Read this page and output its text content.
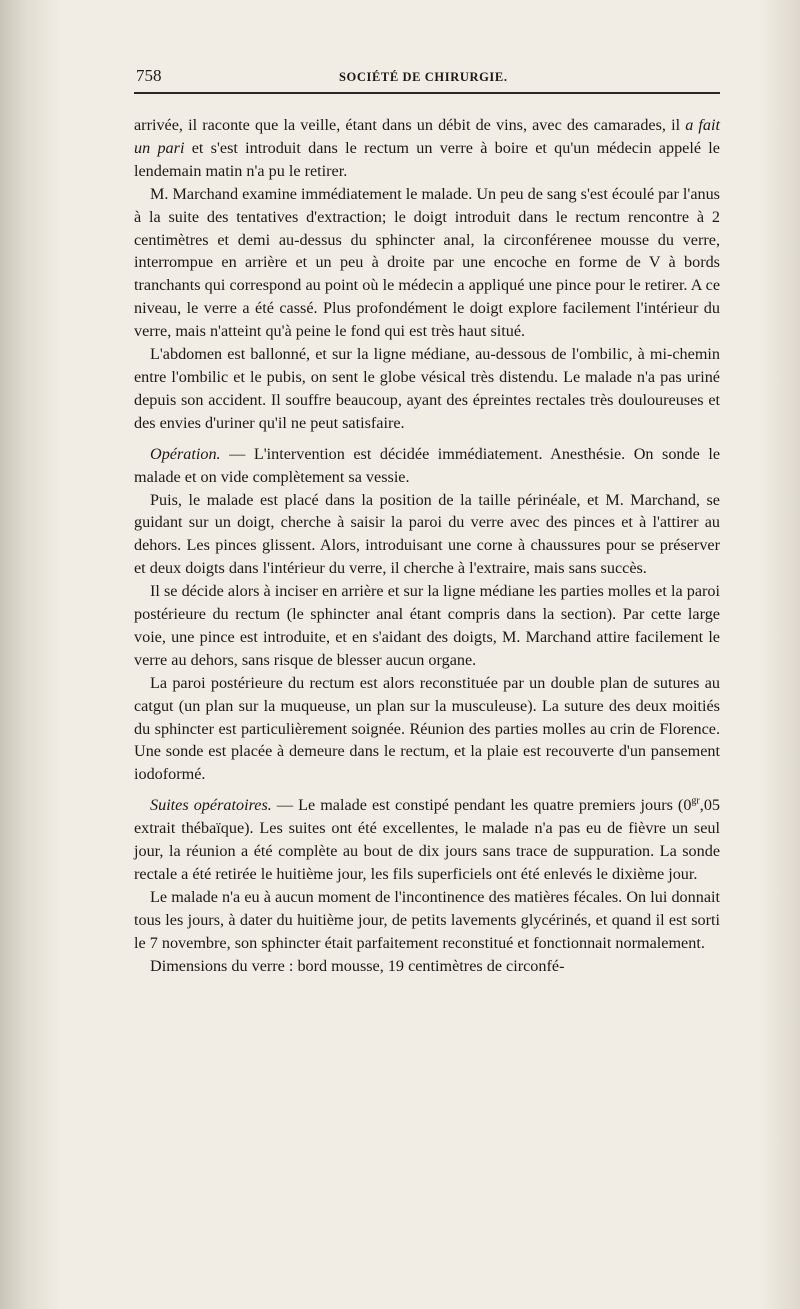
758	SOCIÉTÉ DE CHIRURGIE.

arrivée, il raconte que la veille, étant dans un débit de vins, avec des camarades, il a fait un pari et s'est introduit dans le rectum un verre à boire et qu'un médecin appelé le lendemain matin n'a pu le retirer.

M. Marchand examine immédiatement le malade. Un peu de sang s'est écoulé par l'anus à la suite des tentatives d'extraction; le doigt introduit dans le rectum rencontre à 2 centimètres et demi au-dessus du sphincter anal, la circonférenee mousse du verre, interrompue en arrière et un peu à droite par une encoche en forme de V à bords tranchants qui correspond au point où le médecin a appliqué une pince pour le retirer. A ce niveau, le verre a été cassé. Plus profondément le doigt explore facilement l'intérieur du verre, mais n'atteint qu'à peine le fond qui est très haut situé.

L'abdomen est ballonné, et sur la ligne médiane, au-dessous de l'ombilic, à mi-chemin entre l'ombilic et le pubis, on sent le globe vésical très distendu. Le malade n'a pas uriné depuis son accident. Il souffre beaucoup, ayant des épreintes rectales très douloureuses et des envies d'uriner qu'il ne peut satisfaire.

Opération. — L'intervention est décidée immédiatement. Anesthésie. On sonde le malade et on vide complètement sa vessie.

Puis, le malade est placé dans la position de la taille périnéale, et M. Marchand, se guidant sur un doigt, cherche à saisir la paroi du verre avec des pinces et à l'attirer au dehors. Les pinces glissent. Alors, introduisant une corne à chaussures pour se préserver et deux doigts dans l'intérieur du verre, il cherche à l'extraire, mais sans succès.

Il se décide alors à inciser en arrière et sur la ligne médiane les parties molles et la paroi postérieure du rectum (le sphincter anal étant compris dans la section). Par cette large voie, une pince est introduite, et en s'aidant des doigts, M. Marchand attire facilement le verre au dehors, sans risque de blesser aucun organe.

La paroi postérieure du rectum est alors reconstituée par un double plan de sutures au catgut (un plan sur la muqueuse, un plan sur la musculeuse). La suture des deux moitiés du sphincter est particulièrement soignée. Réunion des parties molles au crin de Florence. Une sonde est placée à demeure dans le rectum, et la plaie est recouverte d'un pansement iodoformé.

Suites opératoires. — Le malade est constipé pendant les quatre premiers jours ($0^{gr},05$ extrait thébaïque). Les suites ont été excellentes, le malade n'a pas eu de fièvre un seul jour, la réunion a été complète au bout de dix jours sans trace de suppuration. La sonde rectale a été retirée le huitième jour, les fils superficiels ont été enlevés le dixième jour.

Le malade n'a eu à aucun moment de l'incontinence des matières fécales. On lui donnait tous les jours, à dater du huitième jour, de petits lavements glycérinés, et quand il est sorti le 7 novembre, son sphincter était parfaitement reconstitué et fonctionnait normalement.

Dimensions du verre : bord mousse, 19 centimètres de circonfé-
